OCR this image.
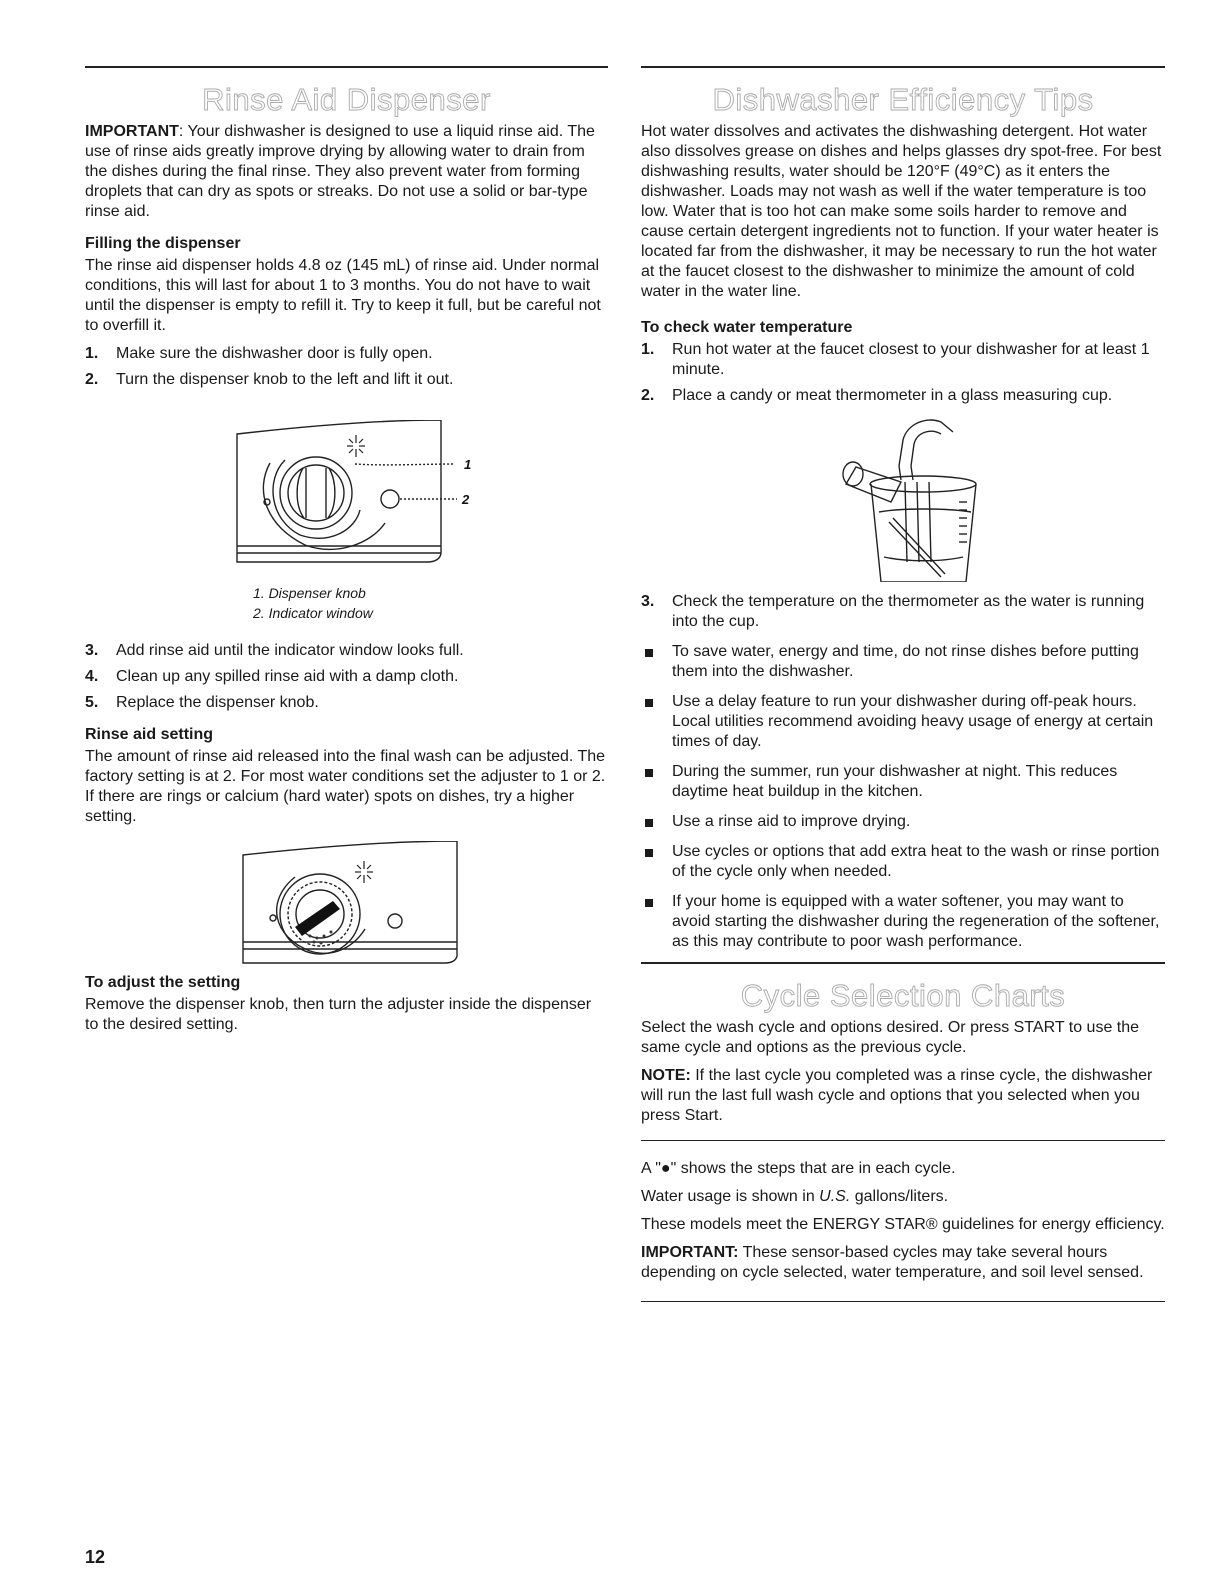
Rinse Aid Dispenser

IMPORTANT: Your dishwasher is designed to use a liquid rinse aid. The use of rinse aids greatly improve drying by allowing water to drain from the dishes during the final rinse. They also prevent water from forming droplets that can dry as spots or streaks. Do not use a solid or bar-type rinse aid.

Filling the dispenser

The rinse aid dispenser holds 4.8 oz (145 mL) of rinse aid. Under normal conditions, this will last for about 1 to 3 months. You do not have to wait until the dispenser is empty to refill it. Try to keep it full, but be careful not to overfill it.

1. Make sure the dishwasher door is fully open.
2. Turn the dispenser knob to the left and lift it out.
1
2
1. Dispenser knob
2. Indicator window
3. Add rinse aid until the indicator window looks full.
4. Clean up any spilled rinse aid with a damp cloth.
5. Replace the dispenser knob.
Rinse aid setting

The amount of rinse aid released into the final wash can be adjusted. The factory setting is at 2. For most water conditions set the adjuster to 1 or 2. If there are rings or calcium (hard water) spots on dishes, try a higher setting.

To adjust the setting

Remove the dispenser knob, then turn the adjuster inside the dispenser to the desired setting.

Dishwasher Efficiency Tips

Hot water dissolves and activates the dishwashing detergent. Hot water also dissolves grease on dishes and helps glasses dry spot-free. For best dishwashing results, water should be 120°F (49°C) as it enters the dishwasher. Loads may not wash as well if the water temperature is too low. Water that is too hot can make some soils harder to remove and cause certain detergent ingredients not to function. If your water heater is located far from the dishwasher, it may be necessary to run the hot water at the faucet closest to the dishwasher to minimize the amount of cold water in the water line.

To check water temperature
1. Run hot water at the faucet closest to your dishwasher for at least 1 minute.
2. Place a candy or meat thermometer in a glass measuring cup.
3. Check the temperature on the thermometer as the water is running into the cup.
To save water, energy and time, do not rinse dishes before putting them into the dishwasher.
Use a delay feature to run your dishwasher during off-peak hours. Local utilities recommend avoiding heavy usage of energy at certain times of day.
During the summer, run your dishwasher at night. This reduces daytime heat buildup in the kitchen.
Use a rinse aid to improve drying.
Use cycles or options that add extra heat to the wash or rinse portion of the cycle only when needed.
If your home is equipped with a water softener, you may want to avoid starting the dishwasher during the regeneration of the softener, as this may contribute to poor wash performance.
Cycle Selection Charts

Select the wash cycle and options desired. Or press START to use the same cycle and options as the previous cycle.

NOTE: If the last cycle you completed was a rinse cycle, the dishwasher will run the last full wash cycle and options that you selected when you press Start.

A "●" shows the steps that are in each cycle.

Water usage is shown in U.S. gallons/liters.

These models meet the ENERGY STAR® guidelines for energy efficiency.

IMPORTANT: These sensor-based cycles may take several hours depending on cycle selected, water temperature, and soil level sensed.

12
